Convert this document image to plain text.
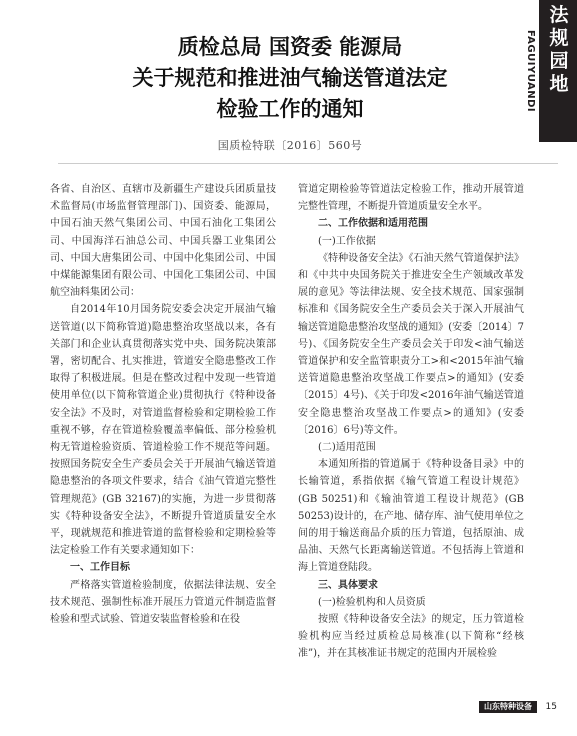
法规园地
FAGUIYUANDI
质检总局 国资委 能源局
关于规范和推进油气输送管道法定
检验工作的通知
国质检特联〔2016〕560号

各省、自治区、直辖市及新疆生产建设兵团质量技术监督局(市场监督管理部门)、国资委、能源局，中国石油天然气集团公司、中国石油化工集团公司、中国海洋石油总公司、中国兵器工业集团公司、中国大唐集团公司、中国中化集团公司、中国中煤能源集团有限公司、中国化工集团公司、中国航空油料集团公司：

自2014年10月国务院安委会决定开展油气输送管道(以下简称管道)隐患整治攻坚战以来，各有关部门和企业认真贯彻落实党中央、国务院决策部署，密切配合、扎实推进，管道安全隐患整改工作取得了积极进展。但是在整改过程中发现一些管道使用单位(以下简称管道企业)贯彻执行《特种设备安全法》不及时，对管道监督检验和定期检验工作重视不够，存在管道检验覆盖率偏低、部分检验机构无管道检验资质、管道检验工作不规范等问题。按照国务院安全生产委员会关于开展油气输送管道隐患整治的各项文件要求，结合《油气管道完整性管理规范》(GB 32167)的实施，为进一步贯彻落实《特种设备安全法》，不断提升管道质量安全水平，现就规范和推进管道的监督检验和定期检验等法定检验工作有关要求通知如下：

一、工作目标

严格落实管道检验制度，依据法律法规、安全技术规范、强制性标准开展压力管道元件制造监督检验和型式试验、管道安装监督检验和在役

管道定期检验等管道法定检验工作，推动开展管道完整性管理，不断提升管道质量安全水平。

二、工作依据和适用范围

(一)工作依据

《特种设备安全法》《石油天然气管道保护法》和《中共中央国务院关于推进安全生产领域改革发展的意见》等法律法规、安全技术规范、国家强制标准和《国务院安全生产委员会关于深入开展油气输送管道隐患整治攻坚战的通知》(安委〔2014〕7号)、《国务院安全生产委员会关于印发<油气输送管道保护和安全监管职责分工>和<2015年油气输送管道隐患整治攻坚战工作要点>的通知》(安委〔2015〕4号)、《关于印发<2016年油气输送管道安全隐患整治攻坚战工作要点>的通知》(安委〔2016〕6号)等文件。

(二)适用范围

本通知所指的管道属于《特种设备目录》中的长输管道，系指依据《输气管道工程设计规范》(GB 50251)和《输油管道工程设计规范》(GB 50253)设计的，在产地、储存库、油气使用单位之间的用于输送商品介质的压力管道，包括原油、成品油、天然气长距离输送管道。不包括海上管道和海上管道登陆段。

三、具体要求

(一)检验机构和人员资质

按照《特种设备安全法》的规定，压力管道检验机构应当经过质检总局核准(以下简称“经核准”)，并在其核准证书规定的范围内开展检验

山东特种设备	15
